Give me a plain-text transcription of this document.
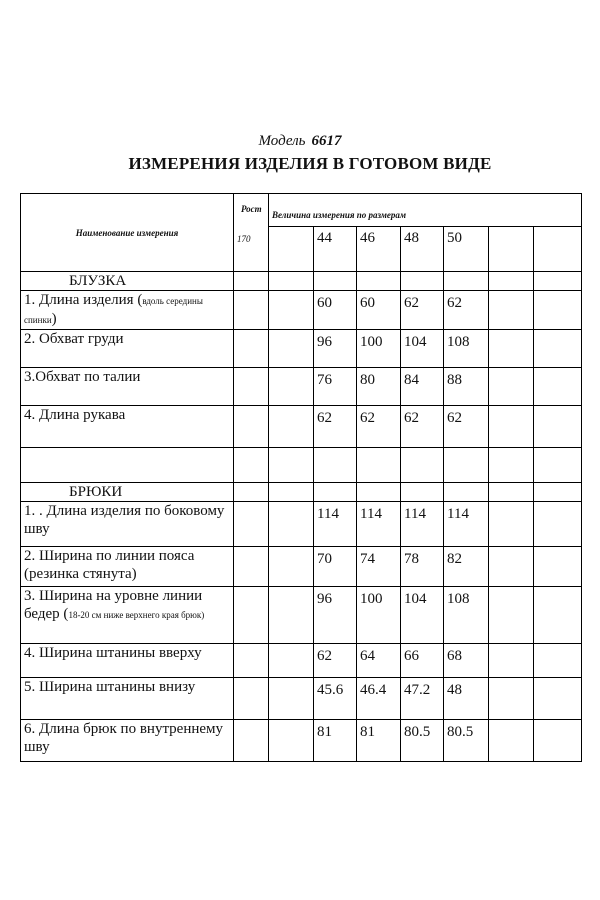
Модель 6617
ИЗМЕРЕНИЯ ИЗДЕЛИЯ В ГОТОВОМ ВИДЕ
Наименование измерения	Рост
170	Величина измерения по размерам						
			44	46	48	50		
БЛУЗКА								
1. Длина изделия (вдоль середины спинки)			60	60	62	62		
2. Обхват груди			96	100	104	108		
3.Обхват по талии			76	80	84	88		
4. Длина рукава			62	62	62	62		

БРЮКИ								
1. . Длина изделия по боковому шву			114	114	114	114		
2. Ширина по линии пояса (резинка стянута)			70	74	78	82		
3. Ширина на уровне линии бедер (18-20 см ниже верхнего края брюк)			96	100	104	108		
4. Ширина штанины вверху			62	64	66	68		
5. Ширина штанины внизу			45.6	46.4	47.2	48		
6. Длина брюк по внутреннему шву			81	81	80.5	80.5		
